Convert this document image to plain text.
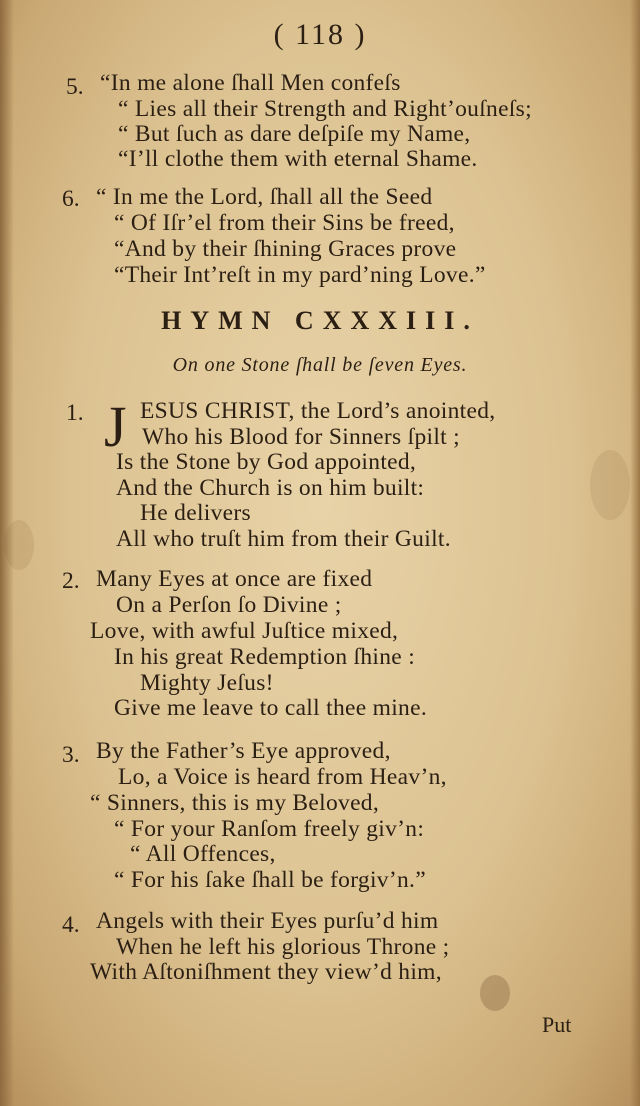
( 118 )
5. “In me alone ſhall Men confeſs
“ Lies all their Strength and Right’ouſneſs;
“ But ſuch as dare deſpiſe my Name,
“I’ll clothe them with eternal Shame.
6. “ In me the Lord, ſhall all the Seed
“ Of Iſr’el from their Sins be freed,
“And by their ſhining Graces prove
“Their Int’reſt in my pard’ning Love.”
HYMN CXXXIII.
On one Stone ſhall be ſeven Eyes.
1. J ESUS CHRIST, the Lord’s anointed,
Who his Blood for Sinners ſpilt ;
Is the Stone by God appointed,
And the Church is on him built:
He delivers
All who truſt him from their Guilt.
2. Many Eyes at once are fixed
On a Perſon ſo Divine ;
Love, with awful Juſtice mixed,
In his great Redemption ſhine :
Mighty Jeſus!
Give me leave to call thee mine.
3. By the Father’s Eye approved,
Lo, a Voice is heard from Heav’n,
“ Sinners, this is my Beloved,
“ For your Ranſom freely giv’n:
“ All Offences,
“ For his ſake ſhall be forgiv’n.”
4. Angels with their Eyes purſu’d him
When he left his glorious Throne ;
With Aſtoniſhment they view’d him,
Put
